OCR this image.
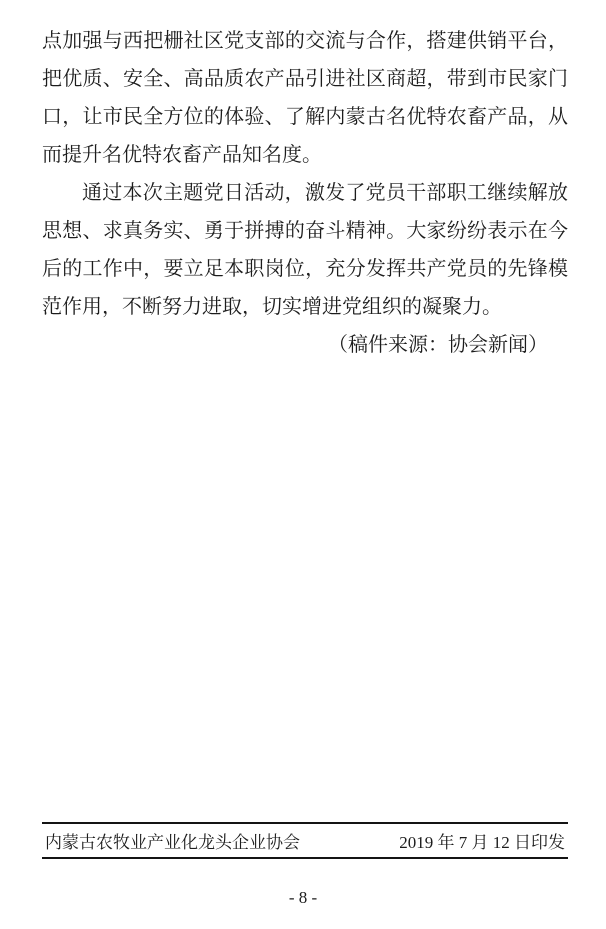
点加强与西把栅社区党支部的交流与合作，搭建供销平台，
把优质、安全、高品质农产品引进社区商超，带到市民家门
口，让市民全方位的体验、了解内蒙古名优特农畜产品，从
而提升名优特农畜产品知名度。
通过本次主题党日活动，激发了党员干部职工继续解放
思想、求真务实、勇于拼搏的奋斗精神。大家纷纷表示在今
后的工作中，要立足本职岗位，充分发挥共产党员的先锋模
范作用，不断努力进取，切实增进党组织的凝聚力。
（稿件来源：协会新闻）
内蒙古农牧业产业化龙头企业协会	2019 年 7 月 12 日印发
- 8 -
